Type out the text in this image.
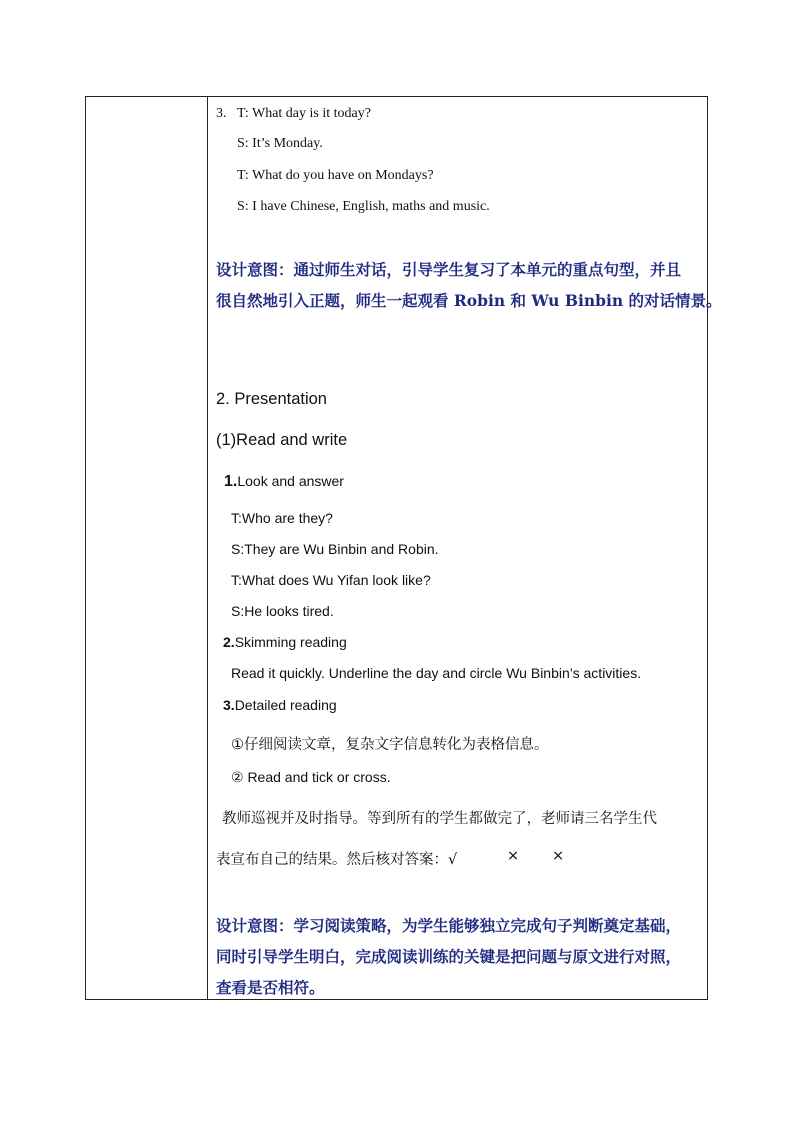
3. T: What day is it today?
S: It’s Monday.
T: What do you have on Mondays?
S: I have Chinese, English, maths and music.
设计意图：通过师生对话，引导学生复习了本单元的重点句型，并且
很自然地引入正题，师生一起观看 Robin 和 Wu Binbin 的对话情景。
2. Presentation
(1)Read and write
1.Look and answer
T:Who are they?
S:They are Wu Binbin and Robin.
T:What does Wu Yifan look like?
S:He looks tired.
2.Skimming reading
Read it quickly. Underline the day and circle Wu Binbin’s activities.
3.Detailed reading
①仔细阅读文章，复杂文字信息转化为表格信息。
② Read and tick or cross.
教师巡视并及时指导。等到所有的学生都做完了，老师请三名学生代
表宣布自己的结果。然后核对答案：√	× ×
设计意图：学习阅读策略，为学生能够独立完成句子判断奠定基础，
同时引导学生明白，完成阅读训练的关键是把问题与原文进行对照，
查看是否相符。
